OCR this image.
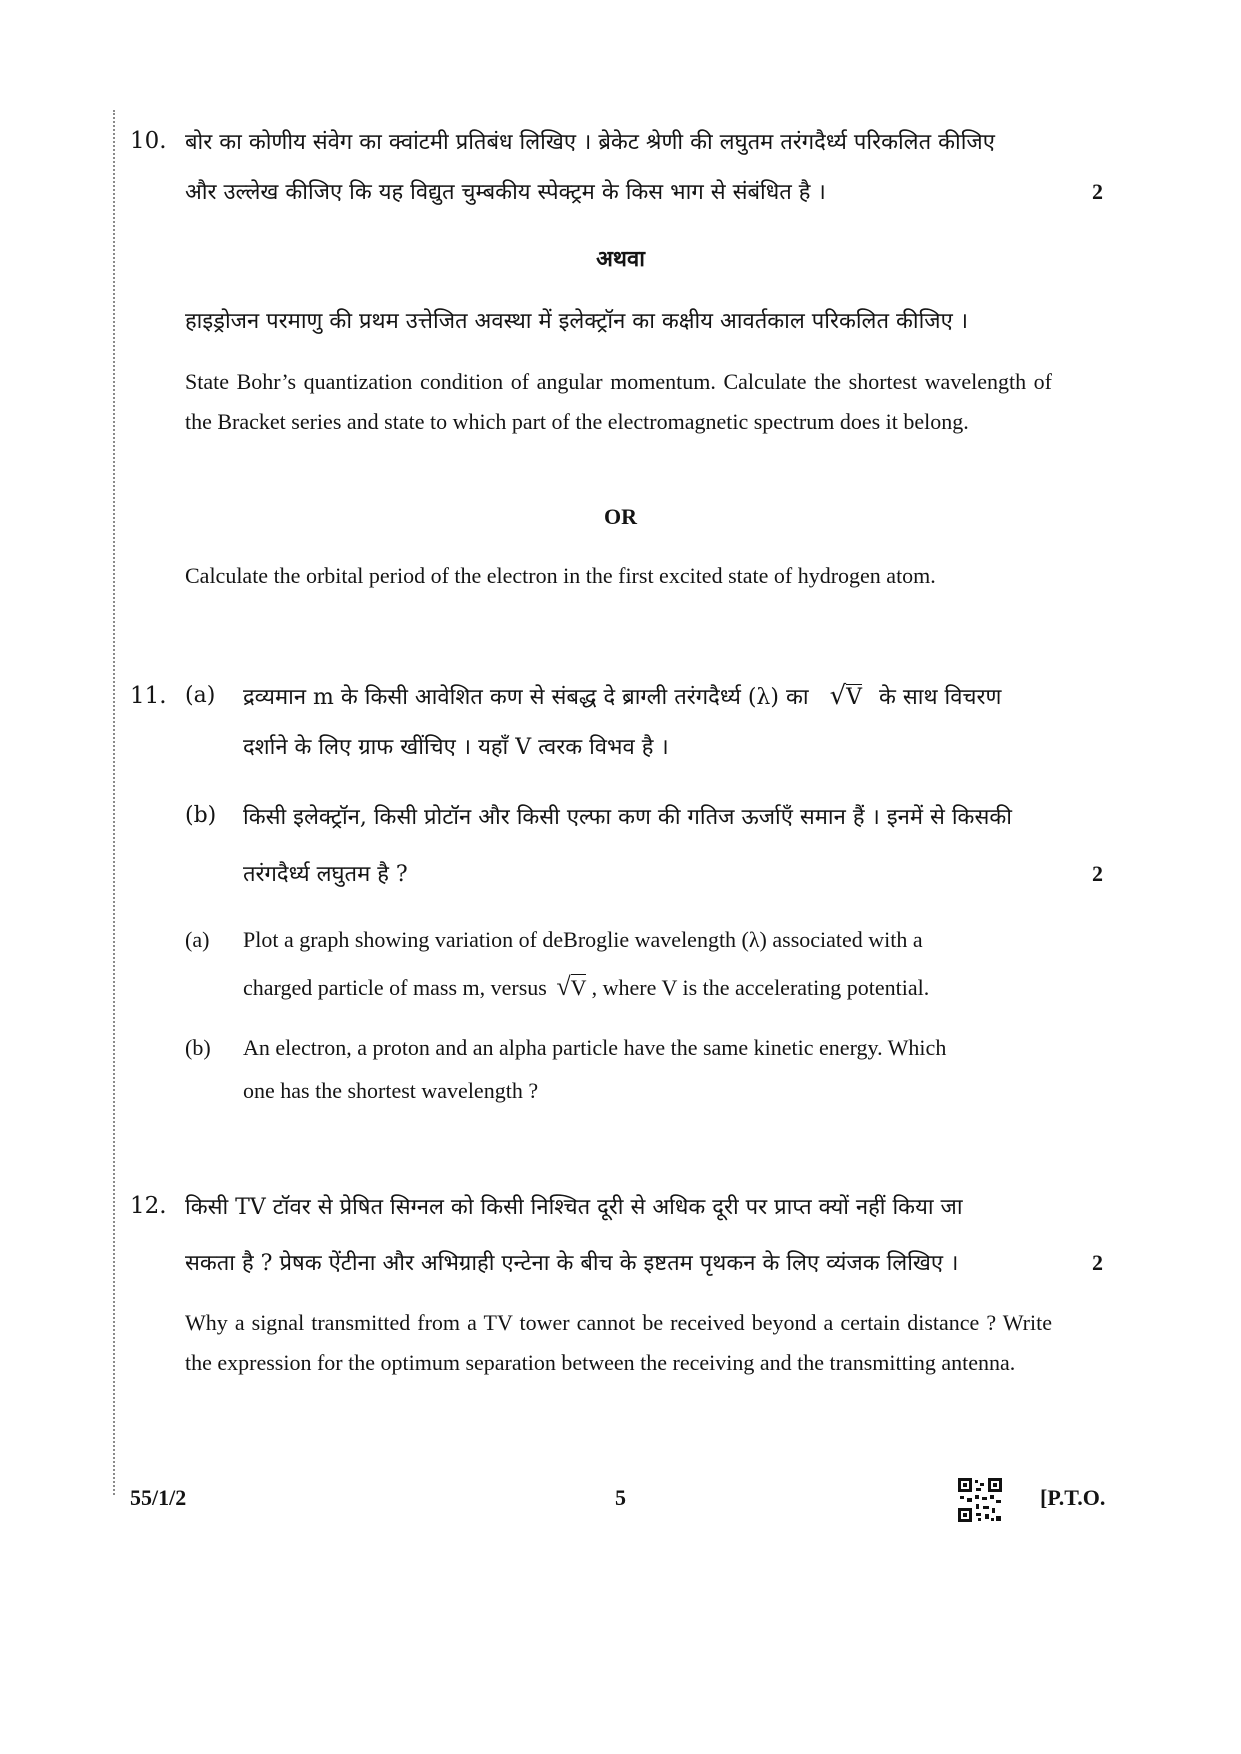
10. बोर का कोणीय संवेग का क्वांटमी प्रतिबंध लिखिए । ब्रेकेट श्रेणी की लघुतम तरंगदैर्ध्य परिकलित कीजिए
और उल्लेख कीजिए कि यह विद्युत चुम्बकीय स्पेक्ट्रम के किस भाग से संबंधित है ।	2
अथवा
हाइड्रोजन परमाणु की प्रथम उत्तेजित अवस्था में इलेक्ट्रॉन का कक्षीय आवर्तकाल परिकलित कीजिए ।
State Bohr’s quantization condition of angular momentum. Calculate the shortest wavelength of the Bracket series and state to which part of the electromagnetic spectrum does it belong.
OR
Calculate the orbital period of the electron in the first excited state of hydrogen atom.
11. (a) द्रव्यमान m के किसी आवेशित कण से संबद्ध दे ब्राग्ली तरंगदैर्ध्य (λ) का √V के साथ विचरण
दर्शाने के लिए ग्राफ खींचिए । यहाँ V त्वरक विभव है ।
(b) किसी इलेक्ट्रॉन, किसी प्रोटॉन और किसी एल्फा कण की गतिज ऊर्जाएँ समान हैं । इनमें से किसकी
तरंगदैर्ध्य लघुतम है ?	2
(a) Plot a graph showing variation of deBroglie wavelength (λ) associated with a
charged particle of mass m, versus √V , where V is the accelerating potential.
(b) An electron, a proton and an alpha particle have the same kinetic energy. Which
one has the shortest wavelength ?
12. किसी TV टॉवर से प्रेषित सिग्नल को किसी निश्चित दूरी से अधिक दूरी पर प्राप्त क्यों नहीं किया जा
सकता है ? प्रेषक ऐंटीना और अभिग्राही एन्टेना के बीच के इष्टतम पृथकन के लिए व्यंजक लिखिए ।	2
Why a signal transmitted from a TV tower cannot be received beyond a certain distance ? Write the expression for the optimum separation between the receiving and the transmitting antenna.
55/1/2	5	[P.T.O.
